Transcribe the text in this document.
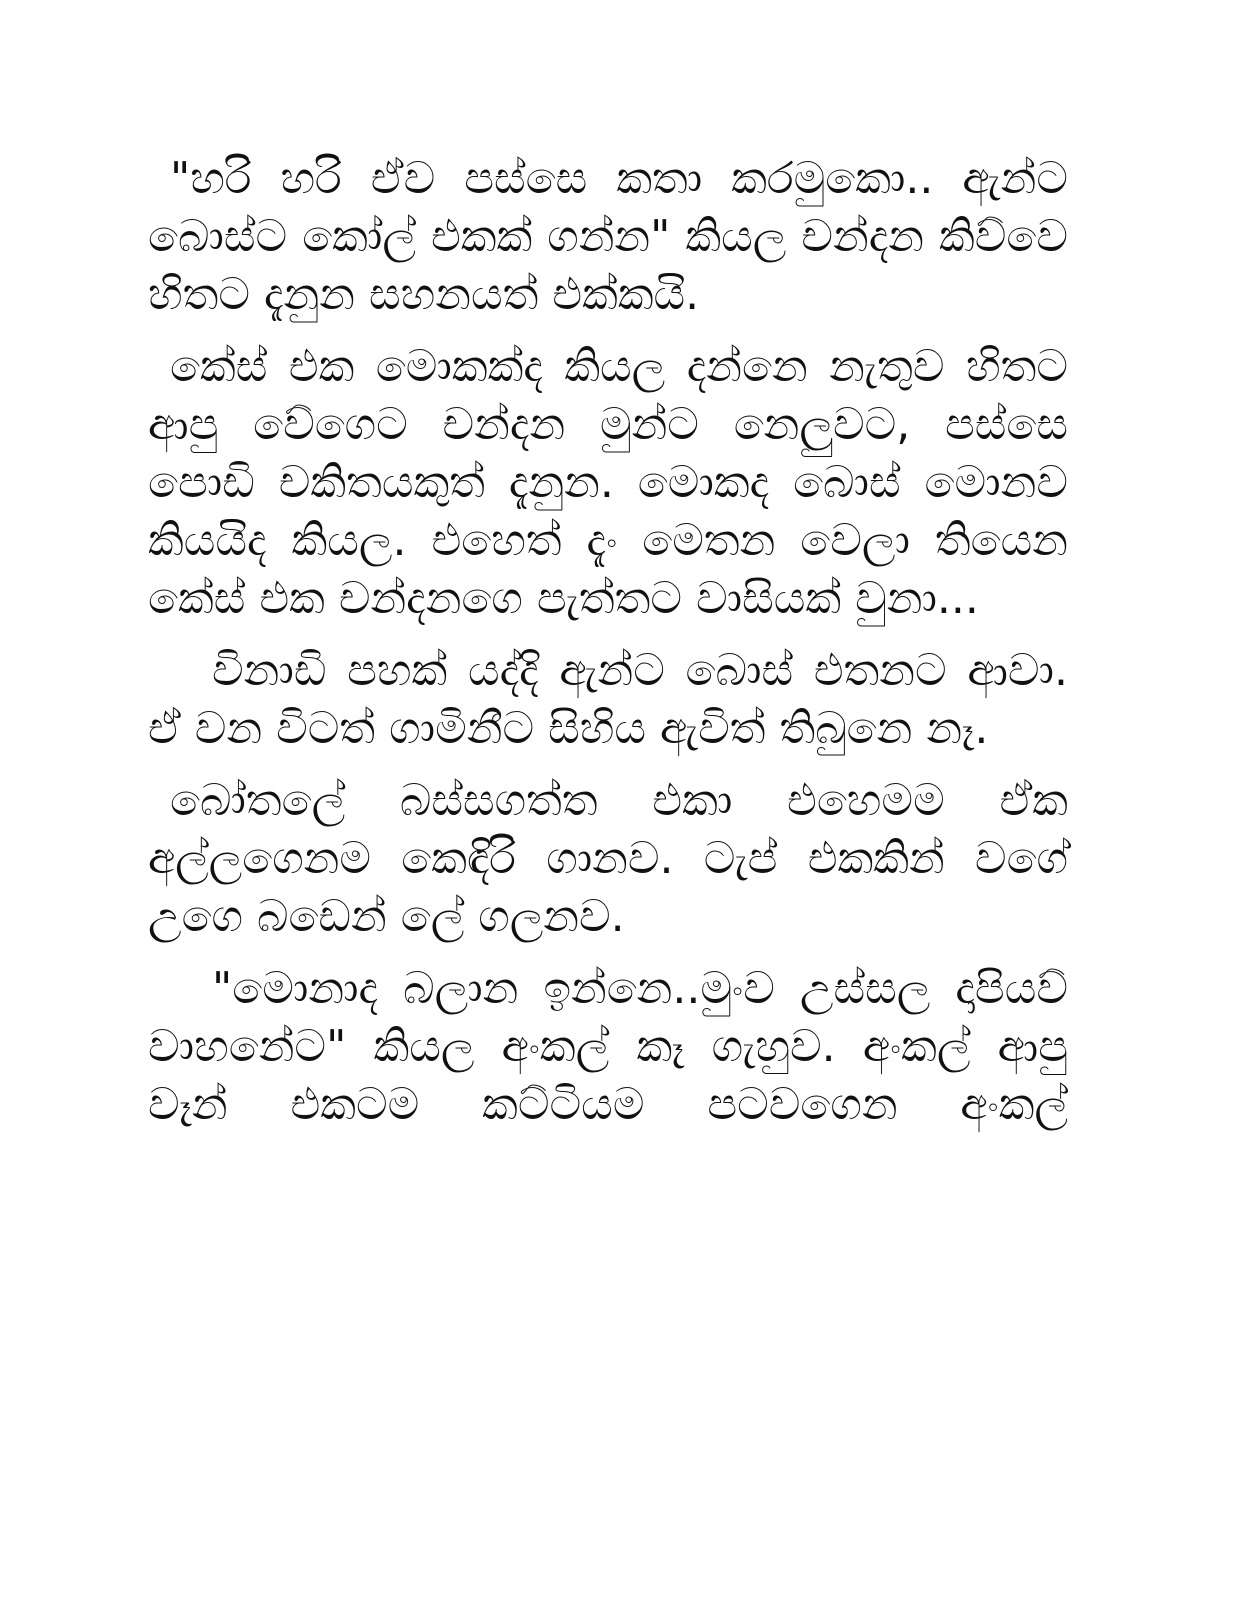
"හරි හරි ඒව පස්සෙ කතා කරමුකො.. ඇන්ට බොස්ට කෝල් එකක් ගන්න" කියල චන්දන කිව්වෙ හිතට දැනුන සහනයත් එක්කයි.

කේස් එක මොකක්ද කියල දන්නෙ නැතුව හිතට ආපු වේගෙට චන්දන මුන්ට නෙලුවට, පස්සෙ පොඩි චකිතයකුත් දැනුන. මොකද බොස් මොනව කියයිද කියල. එහෙත් දැං මෙතන වෙලා තියෙන කේස් එක චන්දනගෙ පැත්තට වාසියක් වුනා...

විනාඩි පහක් යද්දි ඇන්ට බොස් එතනට ආවා. ඒ වන විටත් ගාමිනීට සිහිය ඇවිත් තිබුනෙ නෑ.

බෝතලේ බස්සගත්ත එකා එහෙමම ඒක අල්ලගෙනම කෙඳිරි ගානව. ටැප් එකකින් වගේ උගෙ බඩෙන් ලේ ගලනව.

"මොනාද බලාන ඉන්නෙ..මුංව උස්සල දාපියව් වාහනේට" කියල අංකල් කෑ ගැහුව. අංකල් ආපු වෑන් එකටම කට්ටියම පටවගෙන අංකල්
